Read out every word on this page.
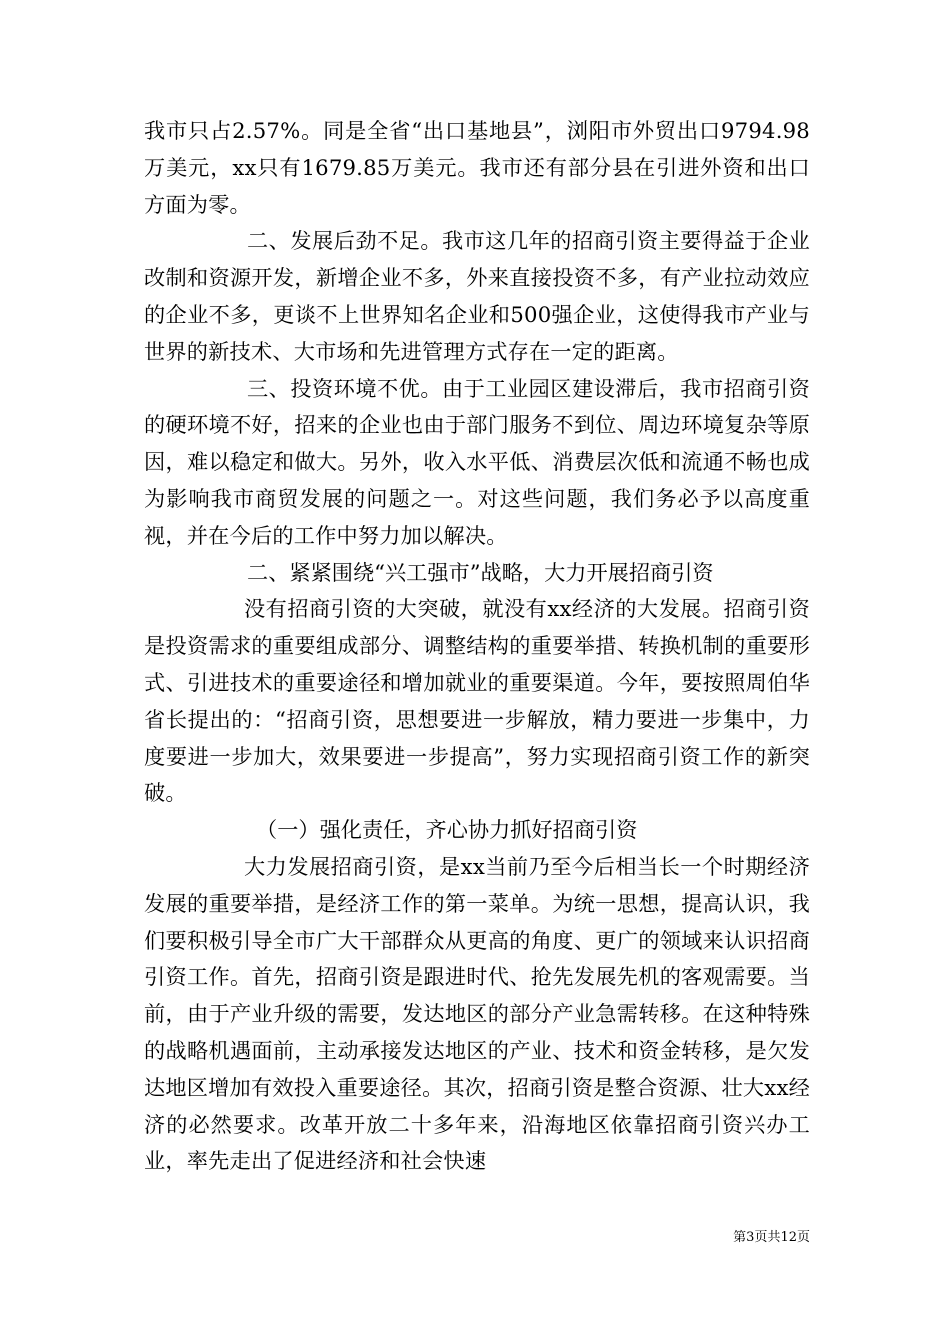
我市只占2.57%。同是全省“出口基地县”，浏阳市外贸出口9794.98万美元，xx只有1679.85万美元。我市还有部分县在引进外资和出口方面为零。

二、发展后劲不足。我市这几年的招商引资主要得益于企业改制和资源开发，新增企业不多，外来直接投资不多，有产业拉动效应的企业不多，更谈不上世界知名企业和500强企业，这使得我市产业与世界的新技术、大市场和先进管理方式存在一定的距离。

三、投资环境不优。由于工业园区建设滞后，我市招商引资的硬环境不好，招来的企业也由于部门服务不到位、周边环境复杂等原因，难以稳定和做大。另外，收入水平低、消费层次低和流通不畅也成为影响我市商贸发展的问题之一。对这些问题，我们务必予以高度重视，并在今后的工作中努力加以解决。

二、紧紧围绕“兴工强市”战略，大力开展招商引资

没有招商引资的大突破，就没有xx经济的大发展。招商引资是投资需求的重要组成部分、调整结构的重要举措、转换机制的重要形式、引进技术的重要途径和增加就业的重要渠道。今年，要按照周伯华省长提出的：“招商引资，思想要进一步解放，精力要进一步集中，力度要进一步加大，效果要进一步提高”，努力实现招商引资工作的新突破。

（一）强化责任，齐心协力抓好招商引资

大力发展招商引资，是xx当前乃至今后相当长一个时期经济发展的重要举措，是经济工作的第一菜单。为统一思想，提高认识，我们要积极引导全市广大干部群众从更高的角度、更广的领域来认识招商引资工作。首先，招商引资是跟进时代、抢先发展先机的客观需要。当前，由于产业升级的需要，发达地区的部分产业急需转移。在这种特殊的战略机遇面前，主动承接发达地区的产业、技术和资金转移，是欠发达地区增加有效投入重要途径。其次，招商引资是整合资源、壮大xx经济的必然要求。改革开放二十多年来，沿海地区依靠招商引资兴办工业，率先走出了促进经济和社会快速

第3页共12页
